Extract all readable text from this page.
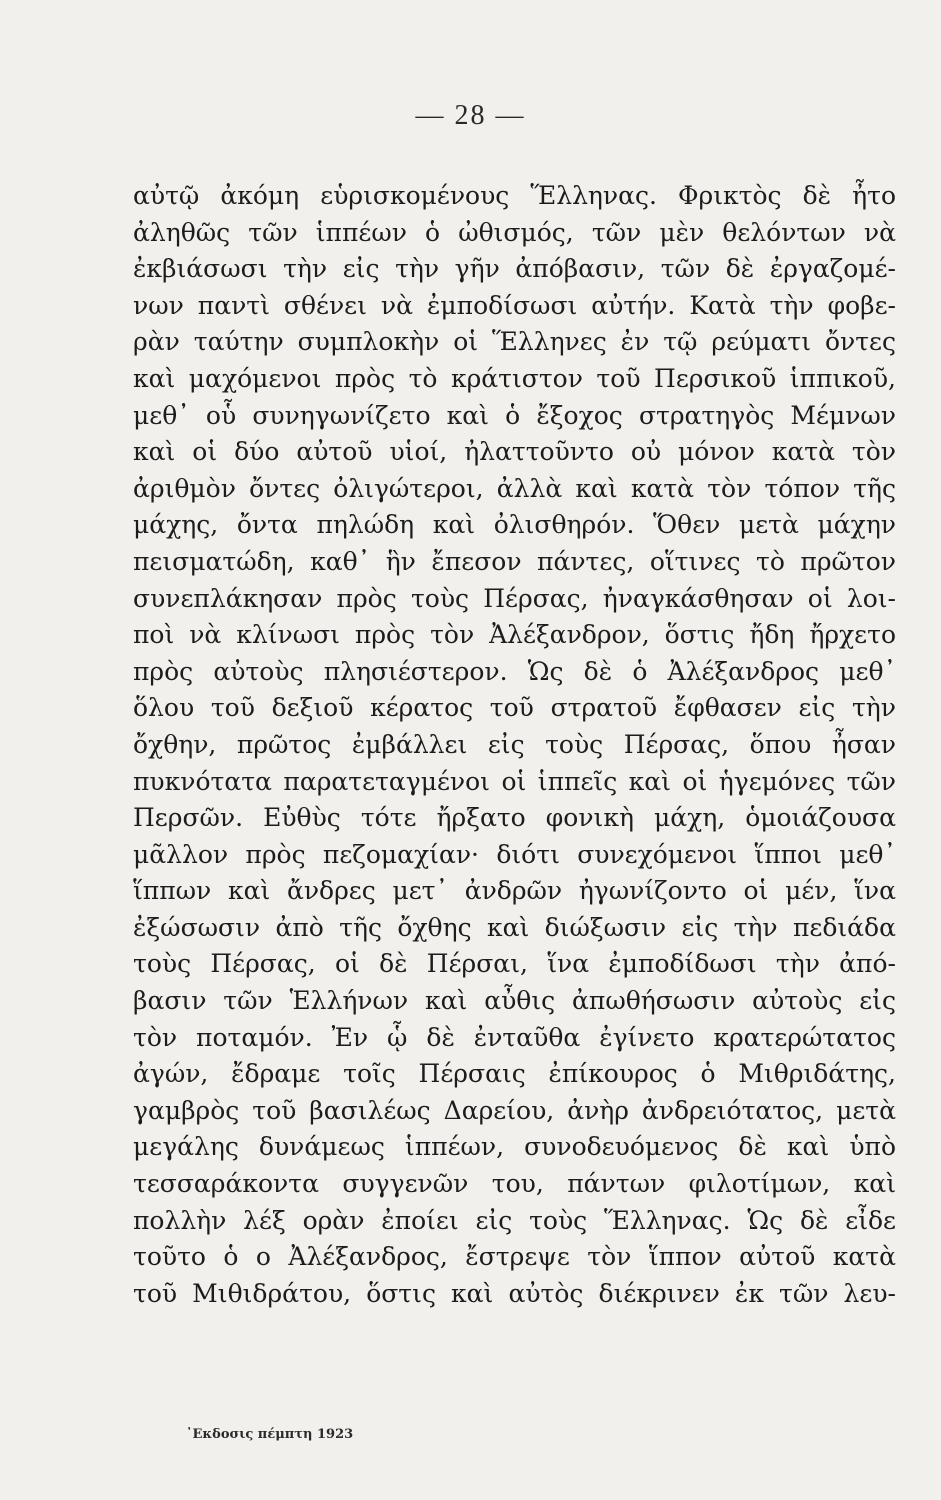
— 28 —
αὐτῷ ἀκόμη εὑρισκομένους Ἕλληνας. Φρικτὸς δὲ ἦτο
ἀληθῶς τῶν ἱππέων ὁ ὠθισμός, τῶν μὲν θελόντων νὰ
ἐκβιάσωσι τὴν εἰς τὴν γῆν ἀπόβασιν, τῶν δὲ ἐργαζομέ-
νων παντὶ σθένει νὰ ἐμποδίσωσι αὐτήν. Κατὰ τὴν φοβε-
ρὰν ταύτην συμπλοκὴν οἱ Ἕλληνες ἐν τῷ ρεύματι ὄντες
καὶ μαχόμενοι πρὸς τὸ κράτιστον τοῦ Περσικοῦ ἱππικοῦ,
μεθ᾽ οὗ συνηγωνίζετο καὶ ὁ ἔξοχος στρατηγὸς Μέμνων
καὶ οἱ δύο αὐτοῦ υἱοί, ἠλαττοῦντο οὐ μόνον κατὰ τὸν
ἀριθμὸν ὄντες ὀλιγώτεροι, ἀλλὰ καὶ κατὰ τὸν τόπον τῆς
μάχης, ὄντα πηλώδη καὶ ὀλισθηρόν. Ὅθεν μετὰ μάχην
πεισματώδη, καθ᾽ ἣν ἔπεσον πάντες, οἵτινες τὸ πρῶτον
συνεπλάκησαν πρὸς τοὺς Πέρσας, ἠναγκάσθησαν οἱ λοι-
ποὶ νὰ κλίνωσι πρὸς τὸν Ἀλέξανδρον, ὅστις ἤδη ἤρχετο
πρὸς αὐτοὺς πλησιέστερον. Ὡς δὲ ὁ Ἀλέξανδρος μεθ᾽
ὅλου τοῦ δεξιοῦ κέρατος τοῦ στρατοῦ ἔφθασεν εἰς τὴν
ὄχθην, πρῶτος ἐμβάλλει εἰς τοὺς Πέρσας, ὅπου ἦσαν
πυκνότατα παρατεταγμένοι οἱ ἱππεῖς καὶ οἱ ἡγεμόνες τῶν
Περσῶν. Εὐθὺς τότε ἤρξατο φονικὴ μάχη, ὁμοιάζουσα
μᾶλλον πρὸς πεζομαχίαν· διότι συνεχόμενοι ἵπποι μεθ᾽
ἵππων καὶ ἄνδρες μετ᾽ ἀνδρῶν ἠγωνίζοντο οἱ μέν, ἵνα
ἐξώσωσιν ἀπὸ τῆς ὄχθης καὶ διώξωσιν εἰς τὴν πεδιάδα
τοὺς Πέρσας, οἱ δὲ Πέρσαι, ἵνα ἐμποδίδωσι τὴν ἀπό-
βασιν τῶν Ἑλλήνων καὶ αὖθις ἀπωθήσωσιν αὐτοὺς εἰς
τὸν ποταμόν. Ἐν ᾧ δὲ ἐνταῦθα ἐγίνετο κρατερώτατος
ἀγών, ἔδραμε τοῖς Πέρσαις ἐπίκουρος ὁ Μιθριδάτης,
γαμβρὸς τοῦ βασιλέως Δαρείου, ἀνὴρ ἀνδρειότατος, μετὰ
μεγάλης δυνάμεως ἱππέων, συνοδευόμενος δὲ καὶ ὑπὸ
τεσσαράκοντα συγγενῶν του, πάντων φιλοτίμων, καὶ
πολλὴν λέξ ορὰν ἐποίει εἰς τοὺς Ἕλληνας. Ὡς δὲ εἶδε
τοῦτο ὁ ο Ἀλέξανδρος, ἔστρεψε τὸν ἵππον αὐτοῦ κατὰ
τοῦ Μιθιδράτου, ὅστις καὶ αὐτὸς διέκρινεν ἐκ τῶν λευ-
᾽Εκδοσις πέμπτη 1923
